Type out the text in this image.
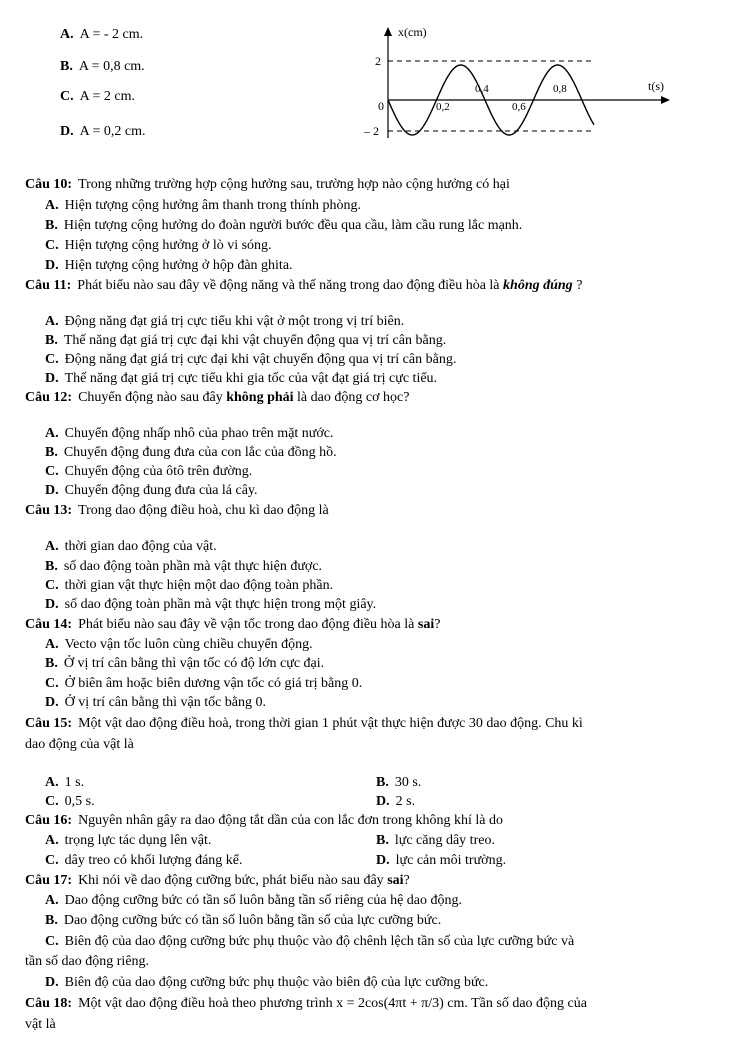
A. A = - 2 cm.
B. A = 0,8 cm.
C. A = 2 cm.
D. A = 0,2 cm.
x(cm)
t(s)
2
0
– 2
0,2
0,4
0,6
0,8
Câu 10: Trong những trường hợp cộng hưởng sau, trường hợp nào cộng hưởng có hại
A. Hiện tượng cộng hưởng âm thanh trong thính phòng.
B. Hiện tượng cộng hưởng do đoàn người bước đều qua cầu, làm cầu rung lắc mạnh.
C. Hiện tượng cộng hưởng ở lò vi sóng.
D. Hiện tượng cộng hưởng ở hộp đàn ghita.
Câu 11: Phát biểu nào sau đây về động năng và thế năng trong dao động điều hòa là không đúng ?
A. Động năng đạt giá trị cực tiểu khi vật ở một trong vị trí biên.
B. Thế năng đạt giá trị cực đại khi vật chuyển động qua vị trí cân bằng.
C. Động năng đạt giá trị cực đại khi vật chuyển động qua vị trí cân bằng.
D. Thế năng đạt giá trị cực tiểu khi gia tốc của vật đạt giá trị cực tiểu.
Câu 12: Chuyển động nào sau đây không phải là dao động cơ học?
A. Chuyển động nhấp nhô của phao trên mặt nước.
B. Chuyển động đung đưa của con lắc của đồng hồ.
C. Chuyển động của ôtô trên đường.
D. Chuyển động đung đưa của lá cây.
Câu 13: Trong dao động điều hoà, chu kì dao động là
A. thời gian dao động của vật.
B. số dao động toàn phần mà vật thực hiện được.
C. thời gian vật thực hiện một dao động toàn phần.
D. số dao động toàn phần mà vật thực hiện trong một giây.
Câu 14: Phát biểu nào sau đây về vận tốc trong dao động điều hòa là sai?
A. Vecto vận tốc luôn cùng chiều chuyển động.
B. Ở vị trí cân bằng thì vận tốc có độ lớn cực đại.
C. Ở biên âm hoặc biên dương vận tốc có giá trị bằng 0.
D. Ở vị trí cân bằng thì vận tốc bằng 0.
Câu 15: Một vật dao động điều hoà, trong thời gian 1 phút vật thực hiện được 30 dao động. Chu kì
dao động của vật là
A. 1 s.	B. 30 s.
C. 0,5 s.	D. 2 s.
Câu 16: Nguyên nhân gây ra dao động tắt dần của con lắc đơn trong không khí là do
A. trọng lực tác dụng lên vật.	B. lực căng dây treo.
C. dây treo có khối lượng đáng kể.	D. lực cản môi trường.
Câu 17: Khi nói về dao động cưỡng bức, phát biểu nào sau đây sai?
A. Dao động cưỡng bức có tần số luôn bằng tần số riêng của hệ dao động.
B. Dao động cưỡng bức có tần số luôn bằng tần số của lực cưỡng bức.
C. Biên độ của dao động cưỡng bức phụ thuộc vào độ chênh lệch tần số của lực cưỡng bức và
tần số dao động riêng.
D. Biên độ của dao động cưỡng bức phụ thuộc vào biên độ của lực cưỡng bức.
Câu 18: Một vật dao động điều hoà theo phương trình x = 2cos(4πt + π/3) cm. Tần số dao động của
vật là
